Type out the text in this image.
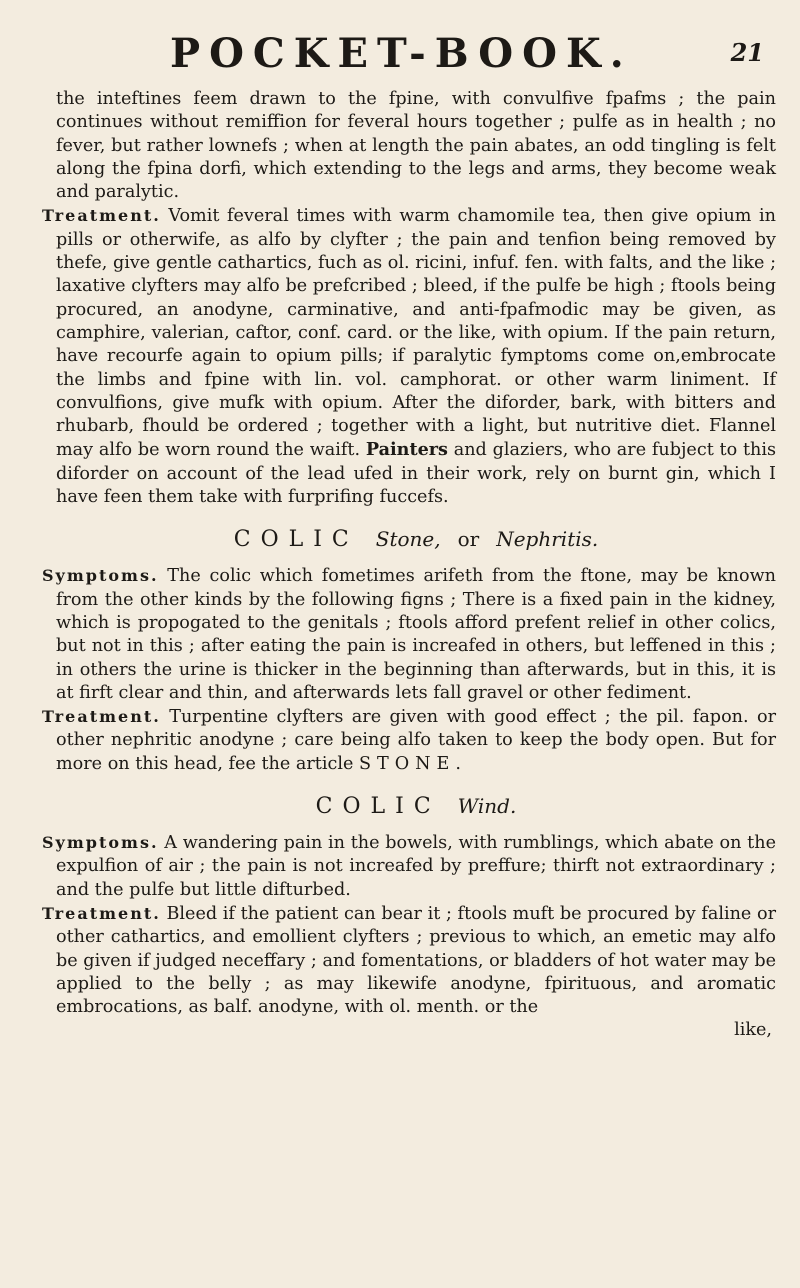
POCKET-BOOK.	21

the inteftines feem drawn to the fpine, with convulfive fpafms ; the pain continues without remiffion for feveral hours together ; pulfe as in health ; no fever, but rather lownefs ; when at length the pain abates, an odd tingling is felt along the fpina dorfi, which extending to the legs and arms, they become weak and paralytic.

Treatment. Vomit feveral times with warm chamomile tea, then give opium in pills or otherwife, as alfo by clyfter ; the pain and tenfion being removed by thefe, give gentle cathartics, fuch as ol. ricini, infuf. fen. with falts, and the like ; laxative clyfters may alfo be prefcribed ; bleed, if the pulfe be high ; ftools being procured, an anodyne, carminative, and anti-fpafmodic may be given, as camphire, valerian, caftor, conf. card. or the like, with opium. If the pain return, have recourfe again to opium pills; if paralytic fymptoms come on,embrocate the limbs and fpine with lin. vol. camphorat. or other warm liniment. If convulfions, give mufk with opium. After the diforder, bark, with bitters and rhubarb, fhould be ordered ; together with a light, but nutritive diet. Flannel may alfo be worn round the waift. Painters and glaziers, who are fubject to this diforder on account of the lead ufed in their work, rely on burnt gin, which I have feen them take with furprifing fuccefs.

COLIC Stone, or Nephritis.

Symptoms. The colic which fometimes arifeth from the ftone, may be known from the other kinds by the following figns ; There is a fixed pain in the kidney, which is propogated to the genitals ; ftools afford prefent relief in other colics, but not in this ; after eating the pain is increafed in others, but leffened in this ; in others the urine is thicker in the beginning than afterwards, but in this, it is at firft clear and thin, and afterwards lets fall gravel or other fediment.

Treatment. Turpentine clyfters are given with good effect ; the pil. fapon. or other nephritic anodyne ; care being alfo taken to keep the body open. But for more on this head, fee the article STONE.

COLIC Wind.

Symptoms. A wandering pain in the bowels, with rumblings, which abate on the expulfion of air ; the pain is not increafed by preffure; thirft not extraordinary ; and the pulfe but little difturbed.

Treatment. Bleed if the patient can bear it ; ftools muft be procured by faline or other cathartics, and emollient clyfters ; previous to which, an emetic may alfo be given if judged neceffary ; and fomentations, or bladders of hot water may be applied to the belly ; as may likewife anodyne, fpirituous, and aromatic embrocations, as balf. anodyne, with ol. menth. or the

like,
